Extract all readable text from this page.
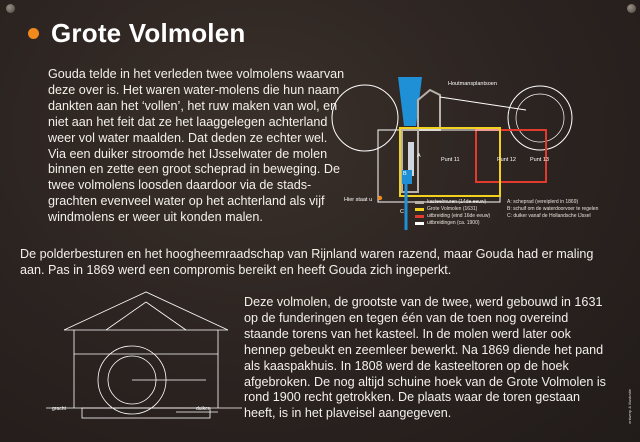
Grote Volmolen

Gouda telde in het verleden twee volmolens waarvan deze over is. Het waren water-molens die hun naam dankten aan het ‘vollen’, het ruw maken van wol, en niet aan het feit dat ze het laaggelegen achterland weer vol water maalden. Dat deden ze echter wel. Via een duiker stroomde het IJsselwater de molen binnen en zette een groot scheprad in beweging. De twee volmolens loosden daardoor via de stads-grachten evenveel water op het achterland als vijf windmolens er weer uit konden malen.

Houtmansplantsoen
Punt 11	Punt 12	Punt 13
A
B
C
Hier staat u	kasteelmuren (14de eeuw)
Grote Volmolen (1631)
uitbreiding (eind 16de eeuw)
uitbreidingen (ca. 1900)
A: scheprad (vereiplerd in 1869)
B: schuif om de waterdoorvoer te regelen
C: duiker vanaf de Hollandsche IJssel

De polderbesturen en het hoogheemraadschap van Rijnland waren razend, maar Gouda had er maling aan. Pas in 1869 werd een compromis bereikt en heeft Gouda zich ingeperkt.

gracht	duiker

Deze volmolen, de grootste van de twee, werd gebouwd in 1631 op de funderingen en tegen één van de toen nog overeind staande torens van het kasteel. In de molen werd later ook hennep gebeukt en zeemleer bewerkt. Na 1869 diende het pand als kaaspakhuis. In 1808 werd de kasteeltoren op de hoek afgebroken. De nog altijd schuine hoek van de Grote Volmolen is rond 1900 recht getrokken. De plaats waar de toren gestaan heeft, is in het plaveisel aangegeven.	ontwerp & illustratie
